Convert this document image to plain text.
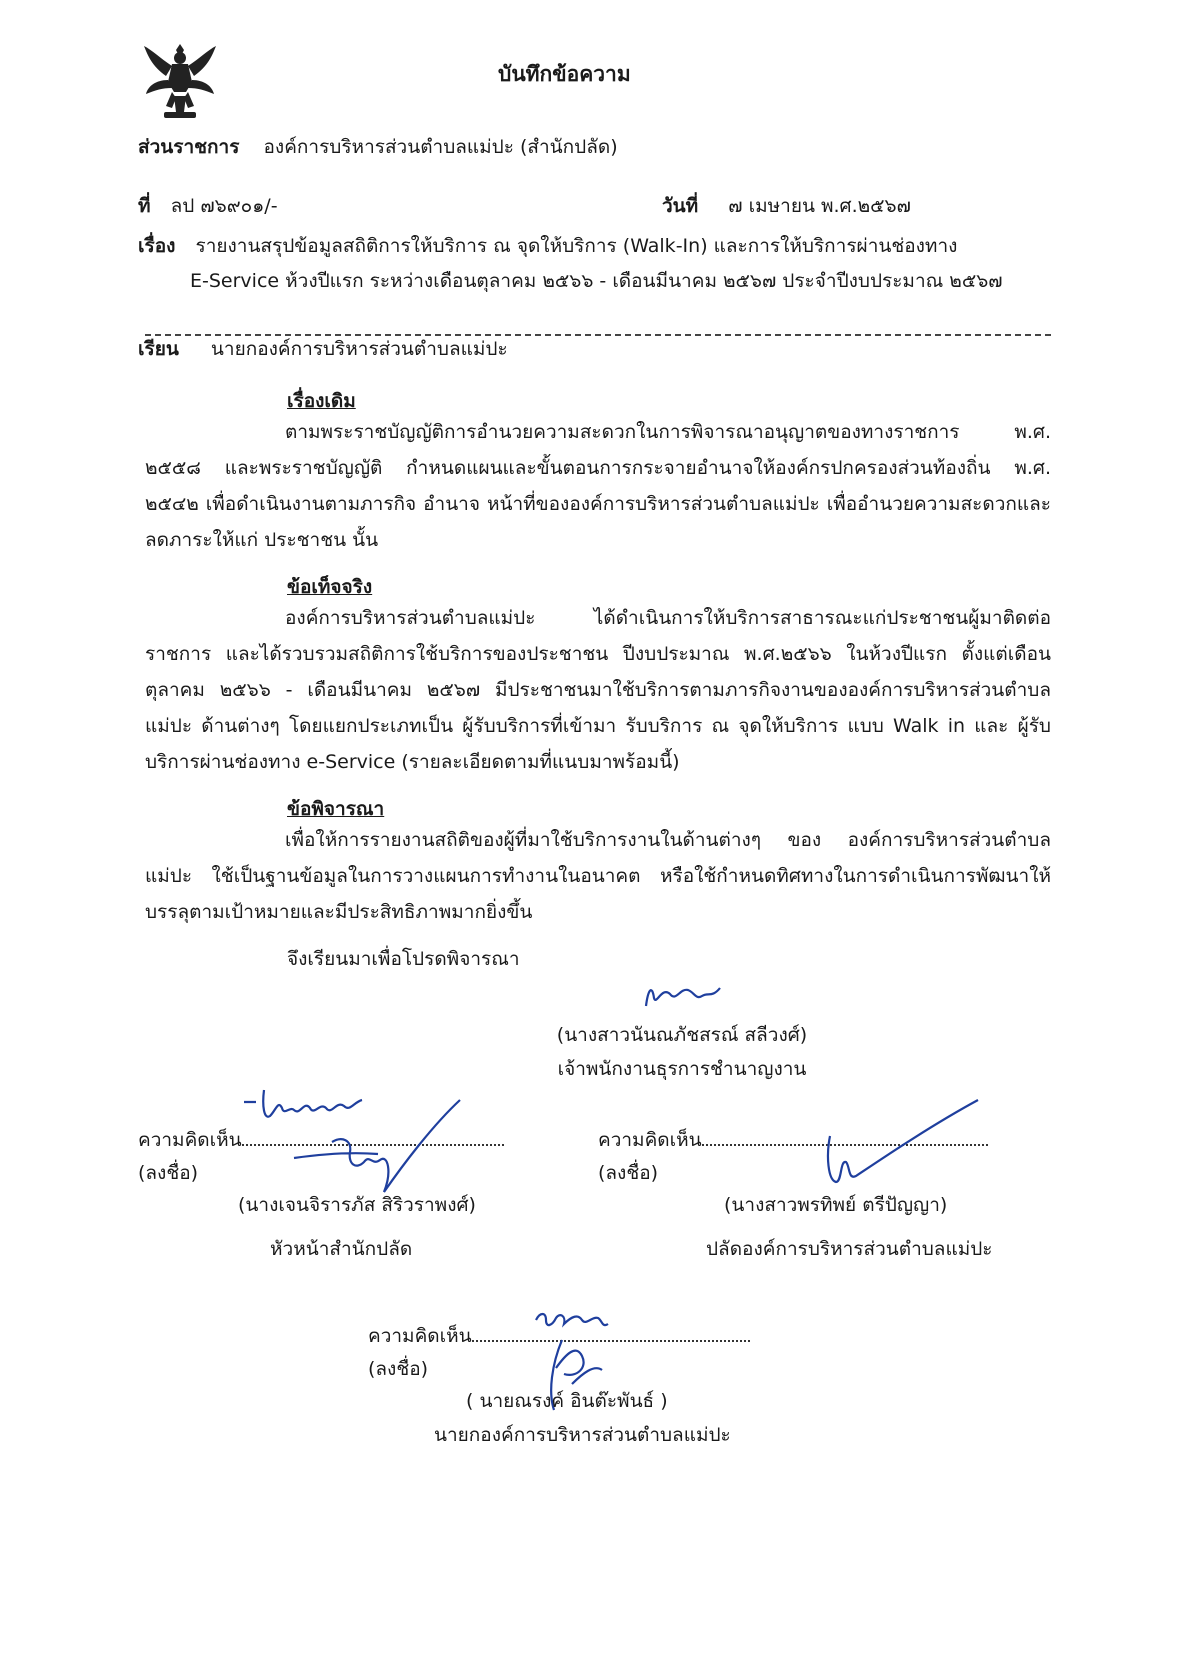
บันทึกข้อความ
ส่วนราชการ องค์การบริหารส่วนตำบลแม่ปะ (สำนักปลัด)
ที่ ลป ๗๖๙๐๑/-	วันที่ ๗ เมษายน พ.ศ.๒๕๖๗
เรื่อง รายงานสรุปข้อมูลสถิติการให้บริการ ณ จุดให้บริการ (Walk-In) และการให้บริการผ่านช่องทาง
E-Service ห้วงปีแรก ระหว่างเดือนตุลาคม ๒๕๖๖ - เดือนมีนาคม ๒๕๖๗ ประจำปีงบประมาณ ๒๕๖๗
เรียน นายกองค์การบริหารส่วนตำบลแม่ปะ
เรื่องเดิม

ตามพระราชบัญญัติการอำนวยความสะดวกในการพิจารณาอนุญาตของทางราชการ พ.ศ. ๒๕๕๘ และพระราชบัญญัติ กำหนดแผนและขั้นตอนการกระจายอำนาจให้องค์กรปกครองส่วนท้องถิ่น พ.ศ. ๒๕๔๒ เพื่อดำเนินงานตามภารกิจ อำนาจ หน้าที่ขององค์การบริหารส่วนตำบลแม่ปะ เพื่ออำนวยความสะดวกและลดภาระให้แก่ ประชาชน นั้น

ข้อเท็จจริง

องค์การบริหารส่วนตำบลแม่ปะ ได้ดำเนินการให้บริการสาธารณะแก่ประชาชนผู้มาติดต่อราชการ และได้รวบรวมสถิติการใช้บริการของประชาชน ปีงบประมาณ พ.ศ.๒๕๖๖ ในห้วงปีแรก ตั้งแต่เดือนตุลาคม ๒๕๖๖ - เดือนมีนาคม ๒๕๖๗ มีประชาชนมาใช้บริการตามภารกิจงานขององค์การบริหารส่วนตำบลแม่ปะ ด้านต่างๆ โดยแยกประเภทเป็น ผู้รับบริการที่เข้ามา รับบริการ ณ จุดให้บริการ แบบ Walk in และ ผู้รับบริการผ่านช่องทาง e-Service (รายละเอียดตามที่แนบมาพร้อมนี้)

ข้อพิจารณา

เพื่อให้การรายงานสถิติของผู้ที่มาใช้บริการงานในด้านต่างๆ ของ องค์การบริหารส่วนตำบลแม่ปะ ใช้เป็นฐานข้อมูลในการวางแผนการทำงานในอนาคต หรือใช้กำหนดทิศทางในการดำเนินการพัฒนาให้บรรลุตามเป้าหมายและมีประสิทธิภาพมากยิ่งขึ้น

จึงเรียนมาเพื่อโปรดพิจารณา
(นางสาวนันณภัชสรณ์ สลีวงศ์)
เจ้าพนักงานธุรการชำนาญงาน
ความคิดเห็น
(ลงชื่อ)
(นางเจนจิรารภัส สิริวราพงศ์)
หัวหน้าสำนักปลัด
ความคิดเห็น
(ลงชื่อ)
(นางสาวพรทิพย์ ตรีปัญญา)
ปลัดองค์การบริหารส่วนตำบลแม่ปะ
ความคิดเห็น
(ลงชื่อ)
( นายณรงค์ อินต๊ะพันธ์ )
นายกองค์การบริหารส่วนตำบลแม่ปะ
